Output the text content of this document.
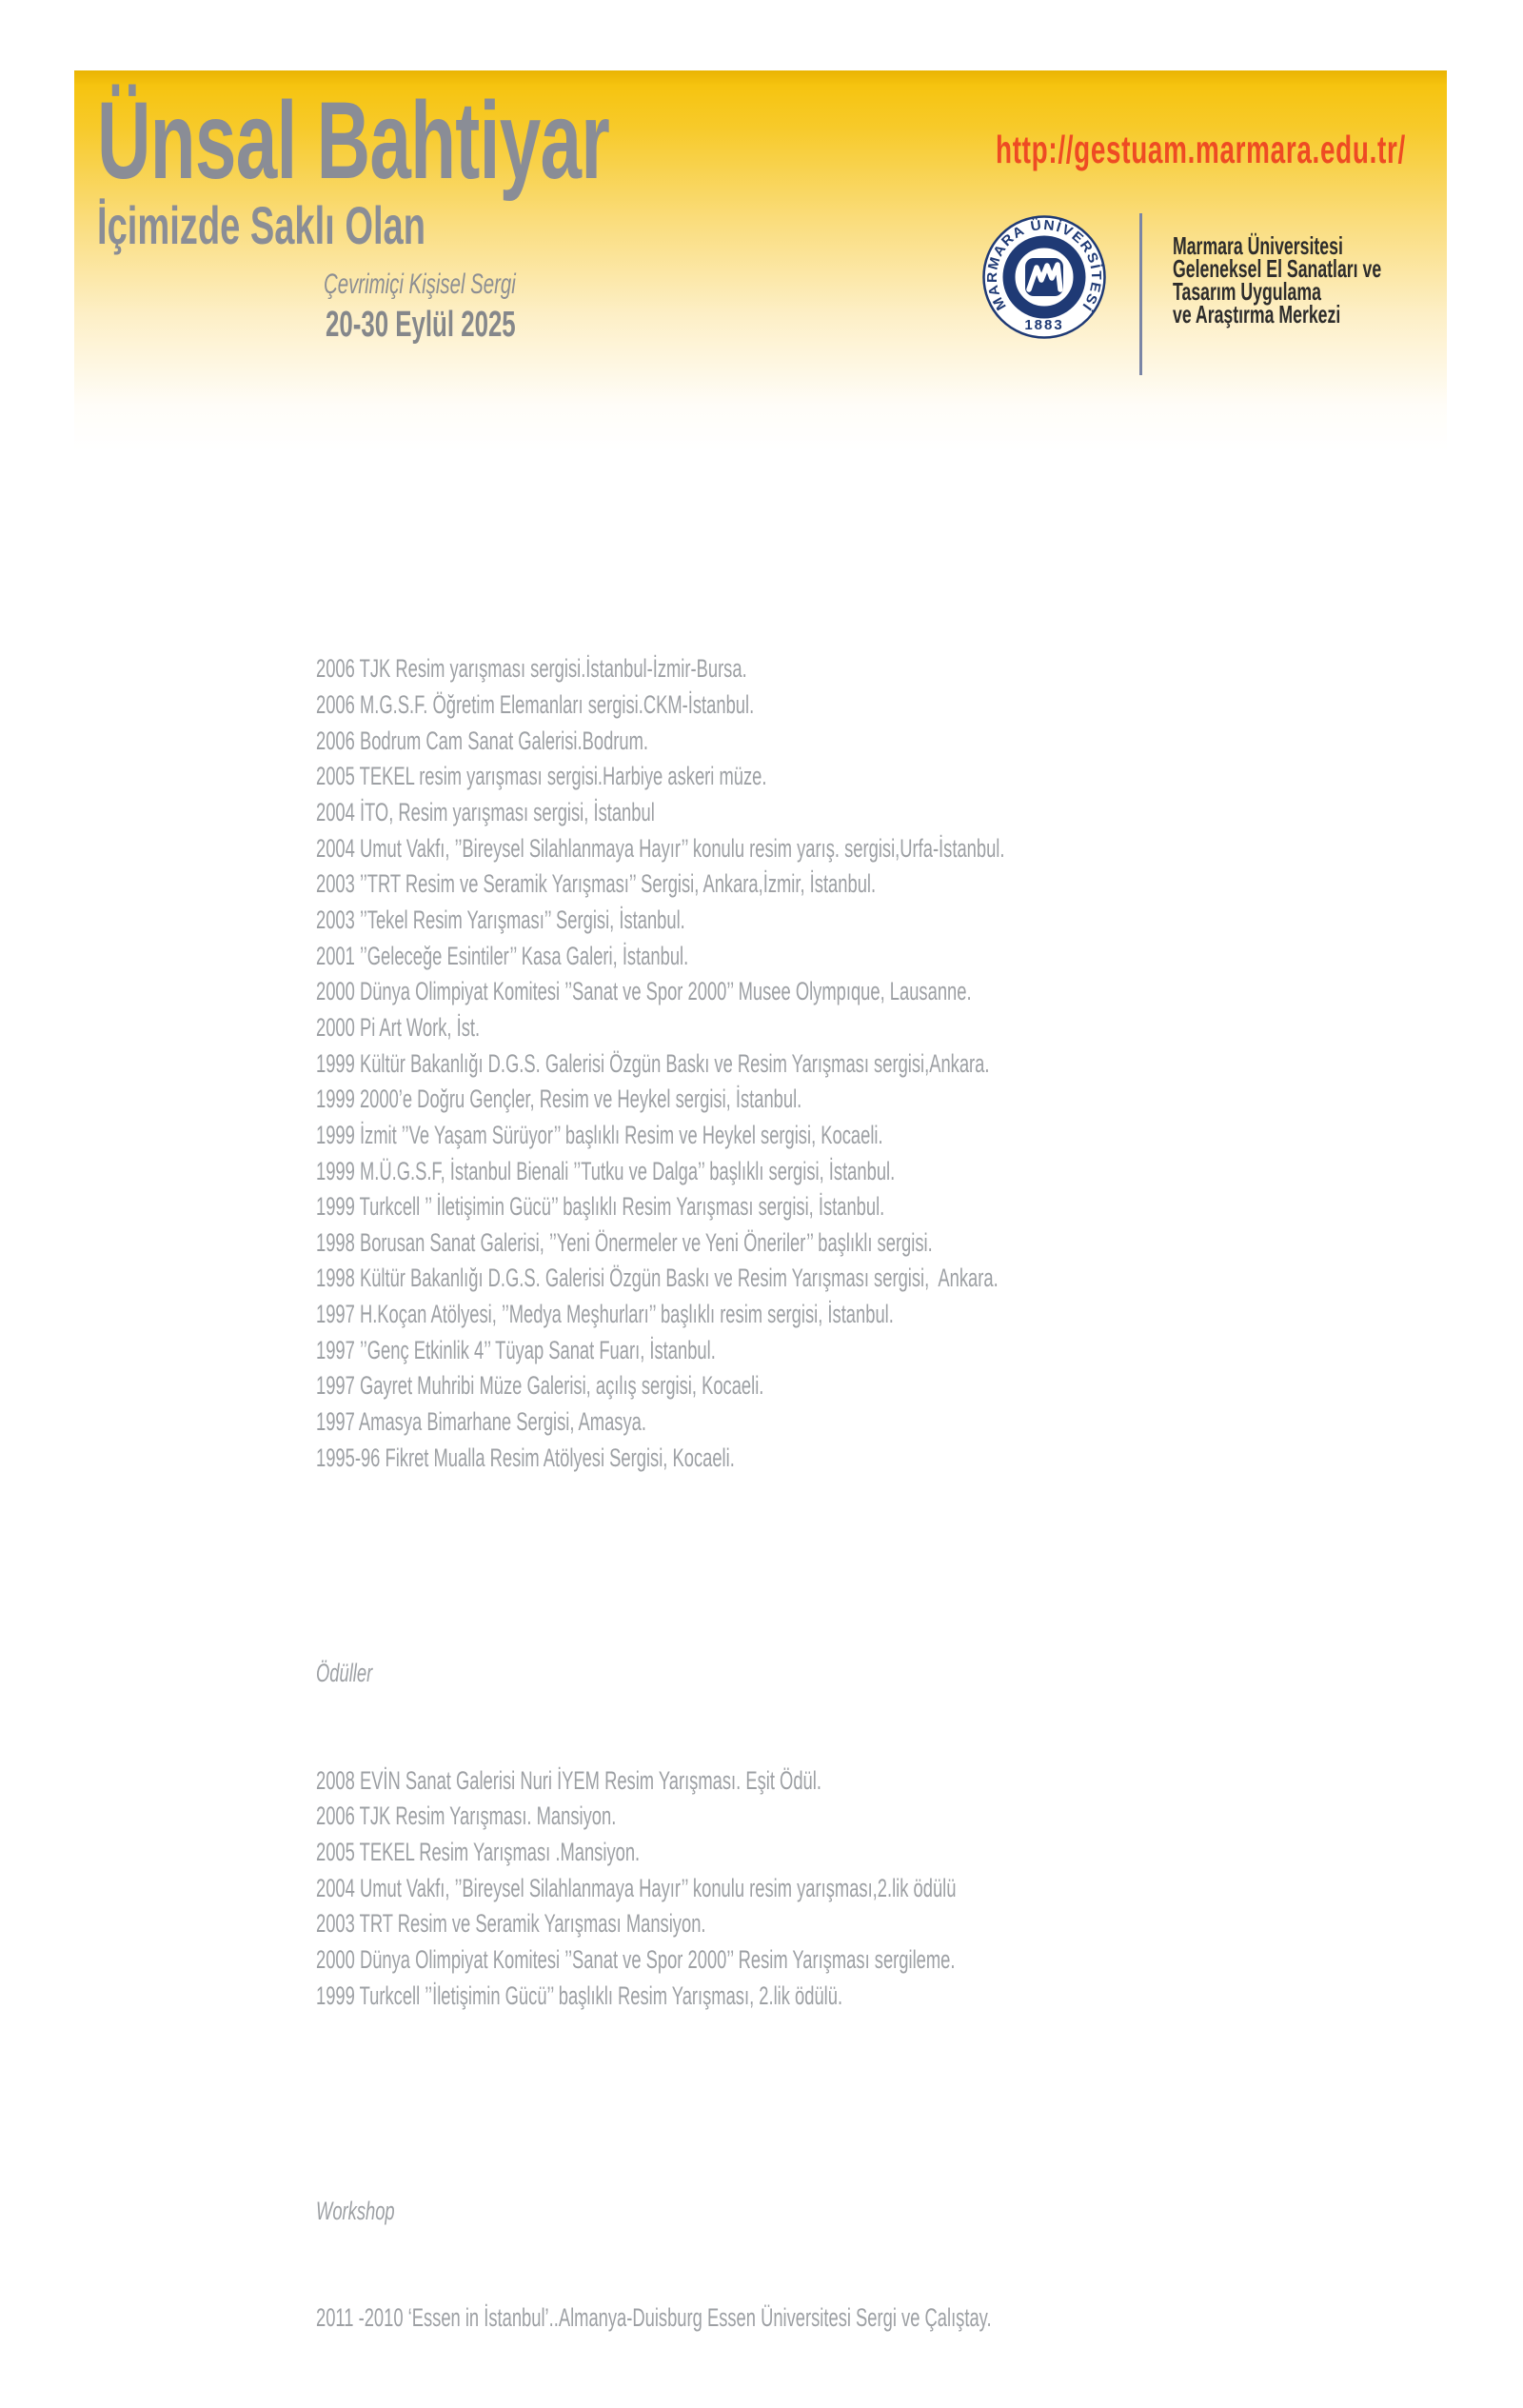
Ünsal Bahtiyar
İçimizde Saklı Olan
Çevrimiçi Kişisel Sergi
20-30 Eylül 2025
http://gestuam.marmara.edu.tr/
MARMARA ÜNİVERSİTESİ
1883
Marmara Üniversitesi
Geleneksel El Sanatları ve
Tasarım Uygulama
ve Araştırma Merkezi

2006 TJK Resim yarışması sergisi.İstanbul-İzmir-Bursa.
2006 M.G.S.F. Öğretim Elemanları sergisi.CKM-İstanbul.
2006 Bodrum Cam Sanat Galerisi.Bodrum.
2005 TEKEL resim yarışması sergisi.Harbiye askeri müze.
2004 İTO, Resim yarışması sergisi, İstanbul
2004 Umut Vakfı, ’’Bireysel Silahlanmaya Hayır’’ konulu resim yarış. sergisi,Urfa-İstanbul.
2003 ’’TRT Resim ve Seramik Yarışması’’ Sergisi, Ankara,İzmir, İstanbul.
2003 ’’Tekel Resim Yarışması’’ Sergisi, İstanbul.
2001 ’’Geleceğe Esintiler’’ Kasa Galeri, İstanbul.
2000 Dünya Olimpiyat Komitesi ’’Sanat ve Spor 2000’’ Musee Olympıque, Lausanne.
2000 Pi Art Work, İst.
1999 Kültür Bakanlığı D.G.S. Galerisi Özgün Baskı ve Resim Yarışması sergisi,Ankara.
1999 2000’e Doğru Gençler, Resim ve Heykel sergisi, İstanbul.
1999 İzmit ’’Ve Yaşam Sürüyor’’ başlıklı Resim ve Heykel sergisi, Kocaeli.
1999 M.Ü.G.S.F, İstanbul Bienali ’’Tutku ve Dalga’’ başlıklı sergisi, İstanbul.
1999 Turkcell ’’ İletişimin Gücü’’ başlıklı Resim Yarışması sergisi, İstanbul.
1998 Borusan Sanat Galerisi, ’’Yeni Önermeler ve Yeni Öneriler’’ başlıklı sergisi.
1998 Kültür Bakanlığı D.G.S. Galerisi Özgün Baskı ve Resim Yarışması sergisi,  Ankara.
1997 H.Koçan Atölyesi, ’’Medya Meşhurları’’ başlıklı resim sergisi, İstanbul.
1997 ’’Genç Etkinlik 4’’ Tüyap Sanat Fuarı, İstanbul.
1997 Gayret Muhribi Müze Galerisi, açılış sergisi, Kocaeli.
1997 Amasya Bimarhane Sergisi, Amasya.
1995-96 Fikret Mualla Resim Atölyesi Sergisi, Kocaeli.

Ödüller

2008 EVİN Sanat Galerisi Nuri İYEM Resim Yarışması. Eşit Ödül.
2006 TJK Resim Yarışması. Mansiyon.
2005 TEKEL Resim Yarışması .Mansiyon.
2004 Umut Vakfı, ’’Bireysel Silahlanmaya Hayır’’ konulu resim yarışması,2.lik ödülü
2003 TRT Resim ve Seramik Yarışması Mansiyon.
2000 Dünya Olimpiyat Komitesi ’’Sanat ve Spor 2000’’ Resim Yarışması sergileme.
1999 Turkcell ’’İletişimin Gücü’’ başlıklı Resim Yarışması, 2.lik ödülü.

Workshop

2011 -2010 ‘Essen in İstanbul’..Almanya-Duisburg Essen Üniversitesi Sergi ve Çalıştay.
